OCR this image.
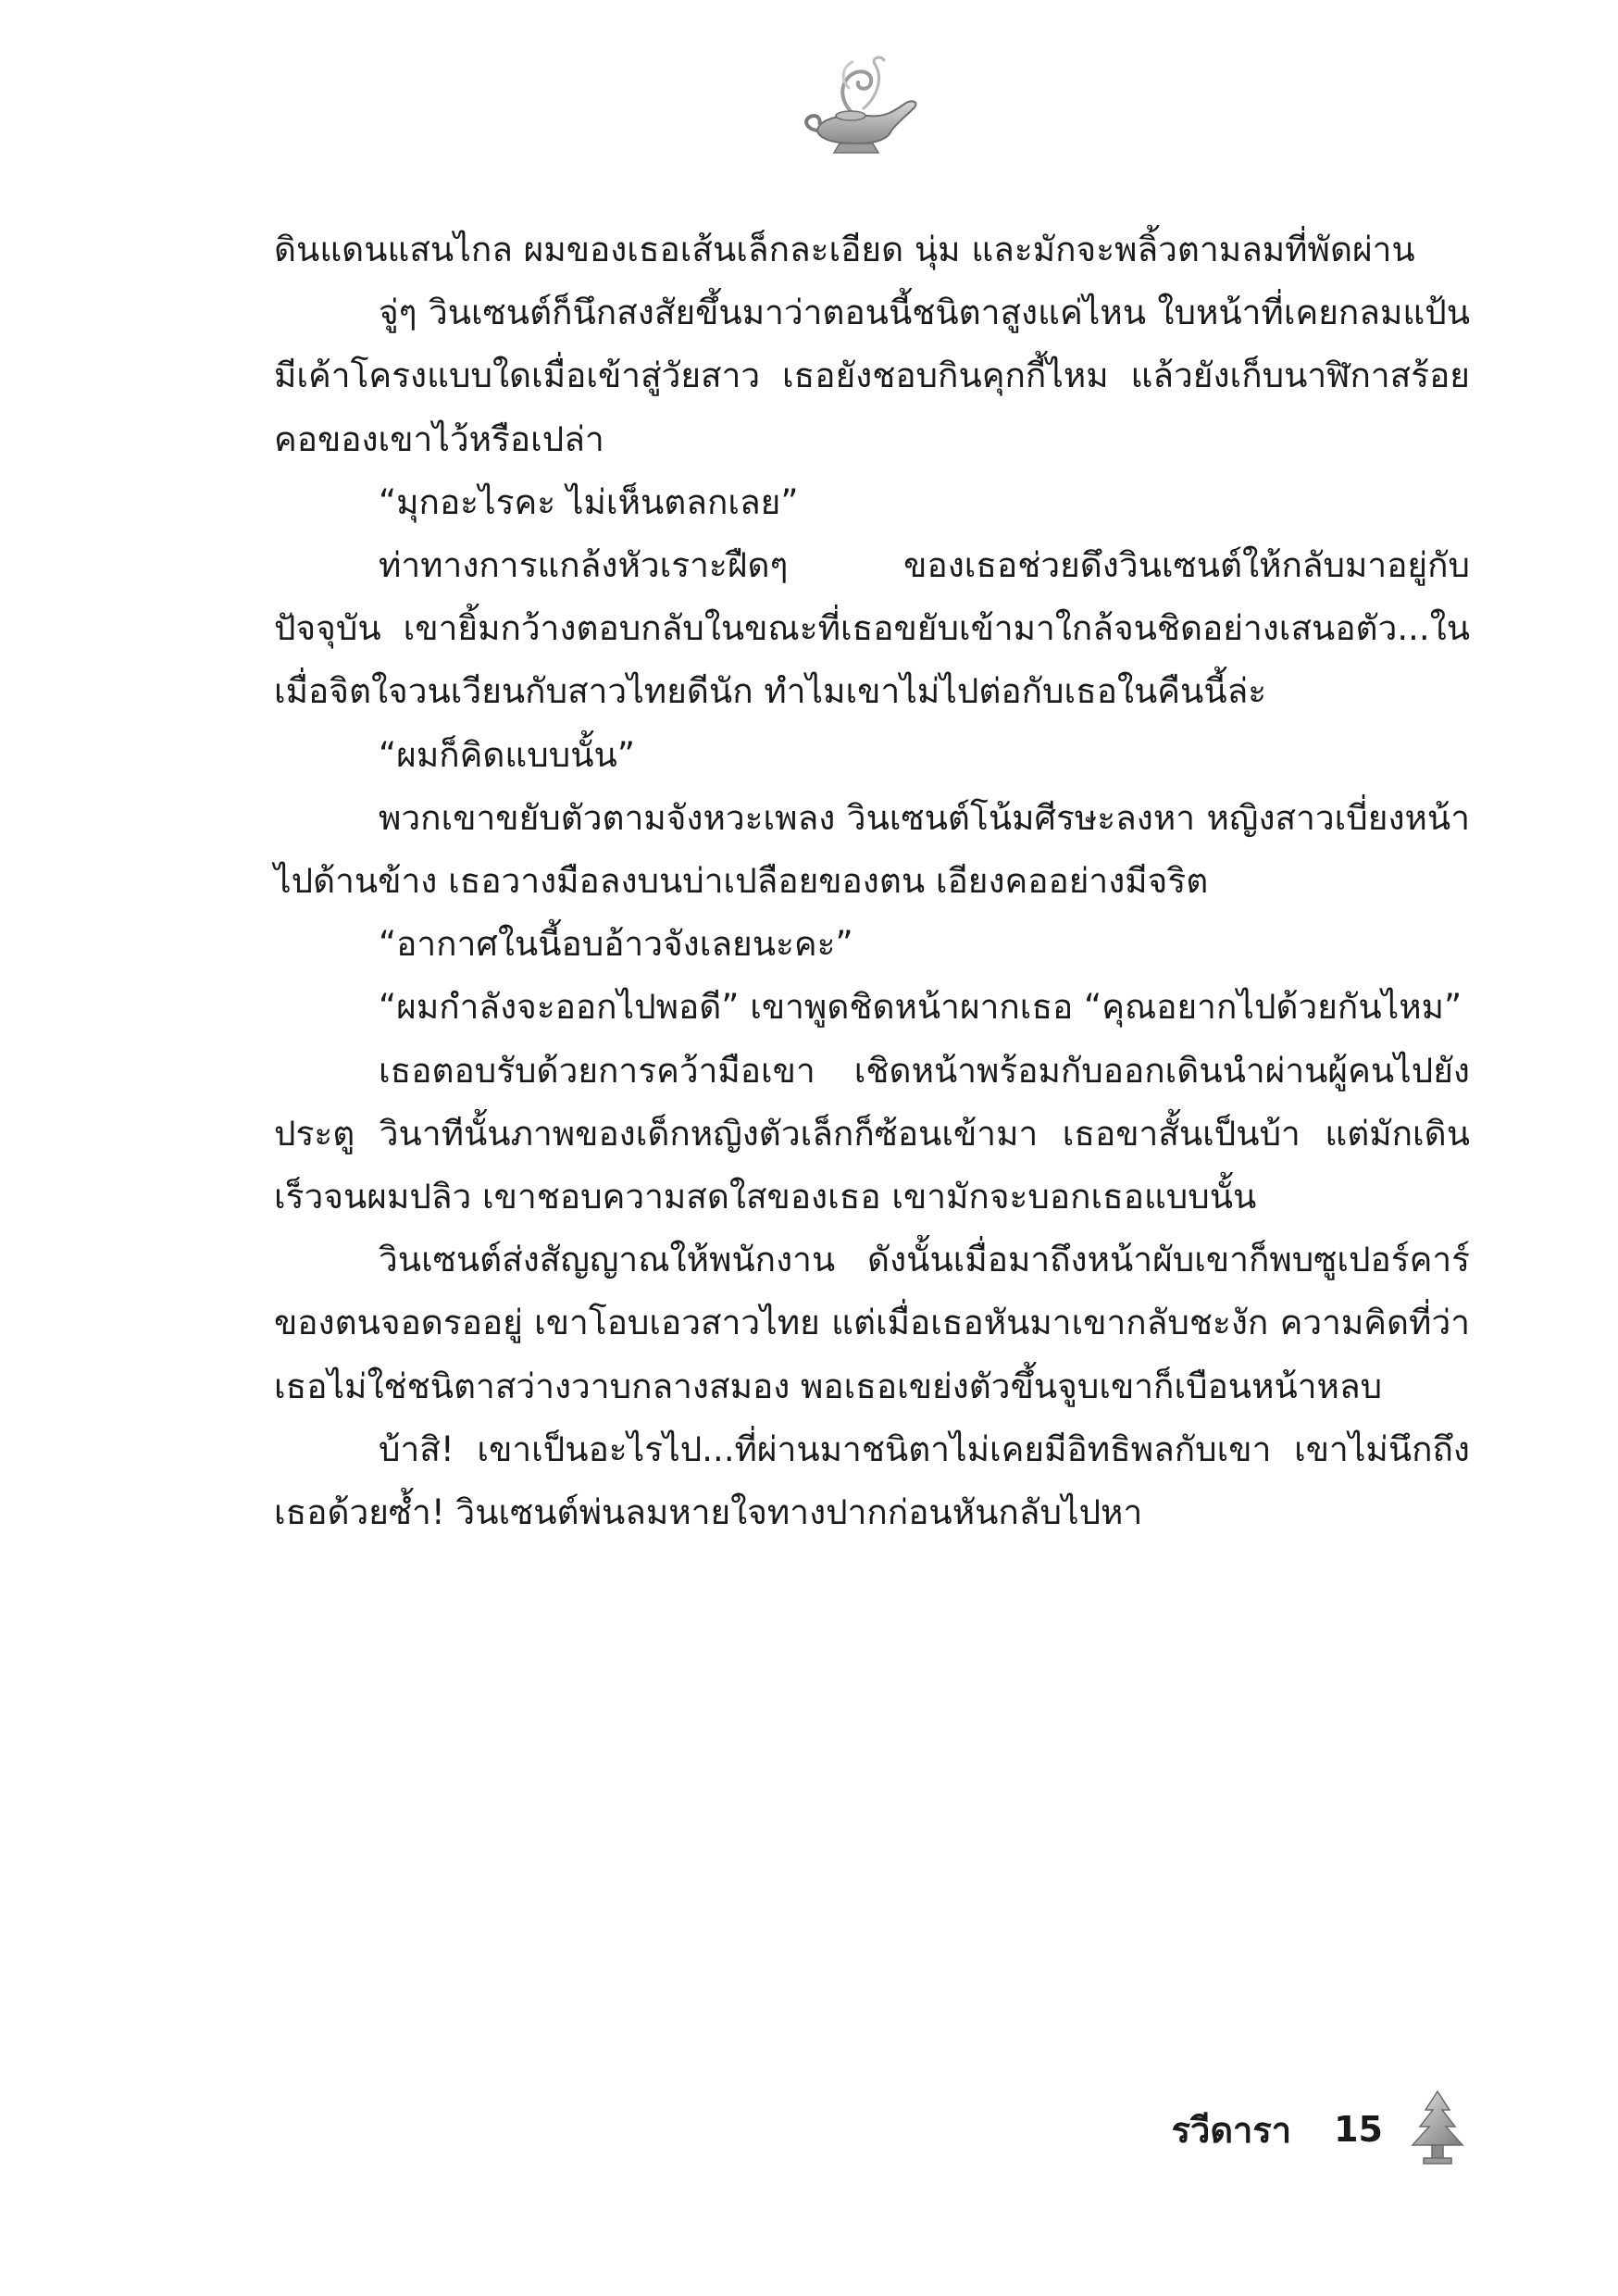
ดินแดนแสนไกล ผมของเธอเส้นเล็กละเอียด นุ่ม และมักจะพลิ้วตามลมที่พัดผ่าน

จู่ๆ วินเซนต์ก็นึกสงสัยขึ้นมาว่าตอนนี้ชนิตาสูงแค่ไหน ใบหน้าที่เคยกลมแป้นมีเค้าโครงแบบใดเมื่อเข้าสู่วัยสาว เธอยังชอบกินคุกกี้ไหม แล้วยังเก็บนาฬิกาสร้อยคอของเขาไว้หรือเปล่า

“มุกอะไรคะ ไม่เห็นตลกเลย”

ท่าทางการแกล้งหัวเราะฝืดๆ ของเธอช่วยดึงวินเซนต์ให้กลับมาอยู่กับปัจจุบัน เขายิ้มกว้างตอบกลับในขณะที่เธอขยับเข้ามาใกล้จนชิดอย่างเสนอตัว...ในเมื่อจิตใจวนเวียนกับสาวไทยดีนัก ทำไมเขาไม่ไปต่อกับเธอในคืนนี้ล่ะ

“ผมก็คิดแบบนั้น”

พวกเขาขยับตัวตามจังหวะเพลง วินเซนต์โน้มศีรษะลงหา หญิงสาวเบี่ยงหน้าไปด้านข้าง เธอวางมือลงบนบ่าเปลือยของตน เอียงคออย่างมีจริต

“อากาศในนี้อบอ้าวจังเลยนะคะ”

“ผมกำลังจะออกไปพอดี” เขาพูดชิดหน้าผากเธอ “คุณอยากไปด้วยกันไหม”

เธอตอบรับด้วยการคว้ามือเขา เชิดหน้าพร้อมกับออกเดินนำผ่านผู้คนไปยังประตู วินาทีนั้นภาพของเด็กหญิงตัวเล็กก็ซ้อนเข้ามา เธอขาสั้นเป็นบ้า แต่มักเดินเร็วจนผมปลิว เขาชอบความสดใสของเธอ เขามักจะบอกเธอแบบนั้น

วินเซนต์ส่งสัญญาณให้พนักงาน ดังนั้นเมื่อมาถึงหน้าผับเขาก็พบซูเปอร์คาร์ของตนจอดรออยู่ เขาโอบเอวสาวไทย แต่เมื่อเธอหันมาเขากลับชะงัก ความคิดที่ว่าเธอไม่ใช่ชนิตาสว่างวาบกลางสมอง พอเธอเขย่งตัวขึ้นจูบเขาก็เบือนหน้าหลบ

บ้าสิ! เขาเป็นอะไรไป...ที่ผ่านมาชนิตาไม่เคยมีอิทธิพลกับเขา เขาไม่นึกถึงเธอด้วยซ้ำ! วินเซนต์พ่นลมหายใจทางปากก่อนหันกลับไปหา

รวีดารา 15
